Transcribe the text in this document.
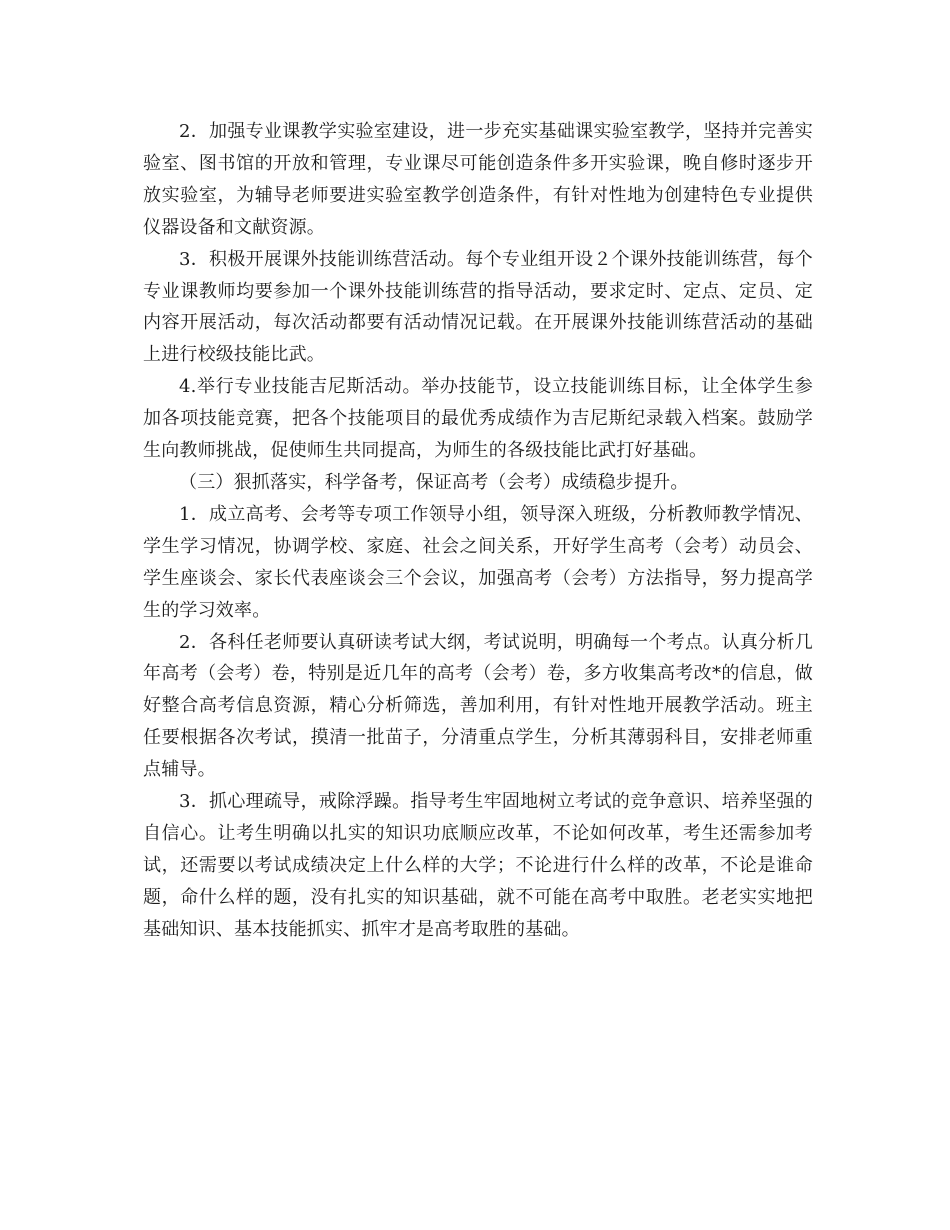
2．加强专业课教学实验室建设，进一步充实基础课实验室教学，坚持并完善实验室、图书馆的开放和管理，专业课尽可能创造条件多开实验课，晚自修时逐步开放实验室，为辅导老师要进实验室教学创造条件，有针对性地为创建特色专业提供仪器设备和文献资源。

3．积极开展课外技能训练营活动。每个专业组开设２个课外技能训练营，每个专业课教师均要参加一个课外技能训练营的指导活动，要求定时、定点、定员、定内容开展活动，每次活动都要有活动情况记载。在开展课外技能训练营活动的基础上进行校级技能比武。

4.举行专业技能吉尼斯活动。举办技能节，设立技能训练目标，让全体学生参加各项技能竞赛，把各个技能项目的最优秀成绩作为吉尼斯纪录载入档案。鼓励学生向教师挑战，促使师生共同提高，为师生的各级技能比武打好基础。

（三）狠抓落实，科学备考，保证高考（会考）成绩稳步提升。

1．成立高考、会考等专项工作领导小组，领导深入班级，分析教师教学情况、学生学习情况，协调学校、家庭、社会之间关系，开好学生高考（会考）动员会、学生座谈会、家长代表座谈会三个会议，加强高考（会考）方法指导，努力提高学生的学习效率。

2．各科任老师要认真研读考试大纲，考试说明，明确每一个考点。认真分析几年高考（会考）卷，特别是近几年的高考（会考）卷，多方收集高考改*的信息，做好整合高考信息资源，精心分析筛选，善加利用，有针对性地开展教学活动。班主任要根据各次考试，摸清一批苗子，分清重点学生，分析其薄弱科目，安排老师重点辅导。

3．抓心理疏导，戒除浮躁。指导考生牢固地树立考试的竞争意识、培养坚强的自信心。让考生明确以扎实的知识功底顺应改革，不论如何改革，考生还需参加考试，还需要以考试成绩决定上什么样的大学；不论进行什么样的改革，不论是谁命题，命什么样的题，没有扎实的知识基础，就不可能在高考中取胜。老老实实地把基础知识、基本技能抓实、抓牢才是高考取胜的基础。
